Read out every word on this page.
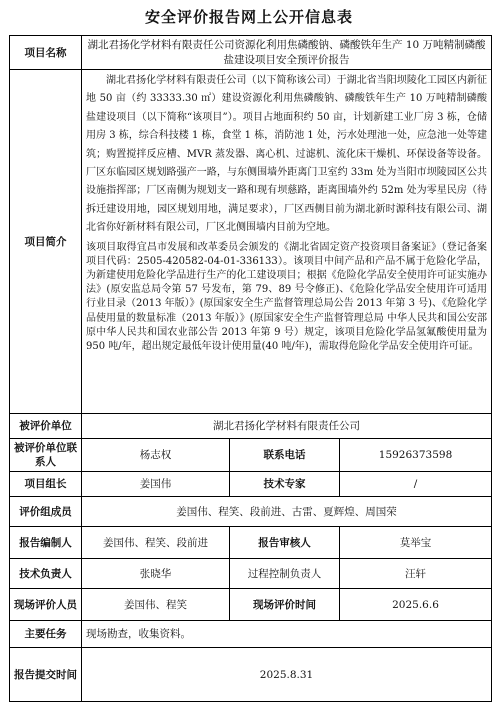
安全评价报告网上公开信息表
项目名称	湖北君扬化学材料有限责任公司资源化利用焦磷酸钠、磷酸铁年生产 10 万吨精制磷酸盐建设项目安全预评价报告		
项目简介	湖北君扬化学材料有限责任公司（以下简称该公司）于湖北省当阳坝陵化工园区内新征地 50 亩（约 33333.30 ㎡）建设资源化利用焦磷酸钠、磷酸铁年生产 10 万吨精制磷酸盐建设项目（以下简称“该项目”）。项目占地面积约 50 亩，计划新建工业厂房 3 栋，仓储用房 3 栋，综合科技楼 1 栋，食堂 1 栋，消防池 1 处，污水处理池一处，应急池一处等建筑；购置搅拌反应槽、MVR 蒸发器、离心机、过滤机、流化床干燥机、环保设备等设备。厂区东临园区规划路强产一路，与东侧围墙外距离门卫室约 33m 处为当阳市坝陵园区公共设施指挥部；厂区南侧为规划支一路和现有坝慈路，距离围墙外约 52m 处为零星民房（待拆迁建设用地，园区规划用地，满足要求），厂区西侧目前为湖北新时源科技有限公司、湖北省你好新材料有限公司，厂区北侧围墙内目前为空地。

该项目取得宜昌市发展和改革委员会颁发的《湖北省固定资产投资项目备案证》（登记备案项目代码：2505-420582-04-01-336133）。该项目中间产品和产品不属于危险化学品，为新建使用危险化学品进行生产的化工建设项目；根据《危险化学品安全使用许可证实施办法》(原安监总局令第 57 号发布，第 79、89 号令修正)、《危险化学品安全使用许可适用行业目录（2013 年版）》(原国家安全生产监督管理总局公告 2013 年第 3 号)、《危险化学品使用量的数量标准（2013 年版）》(原国家安全生产监督管理总局 中华人民共和国公安部 原中华人民共和国农业部公告 2013 年第 9 号）规定，该项目危险化学品氢氟酸使用量为 950 吨/年，超出规定最低年设计使用量(40 吨/年)，需取得危险化学品安全使用许可证。		

被评价单位	湖北君扬化学材料有限责任公司		
被评价单位联系人	杨志权	联系电话	15926373598
项目组长	姜国伟	技术专家	/
评价组成员	姜国伟、程笑、段前进、古雷、夏辉煌、周国荣		
报告编制人	姜国伟、程笑、段前进	报告审核人	莫举宝
技术负责人	张晓华	过程控制负责人	汪轩
现场评价人员	姜国伟、程笑	现场评价时间	2025.6.6
主要任务	现场勘查，收集资料。		
报告提交时间	2025.8.31		
